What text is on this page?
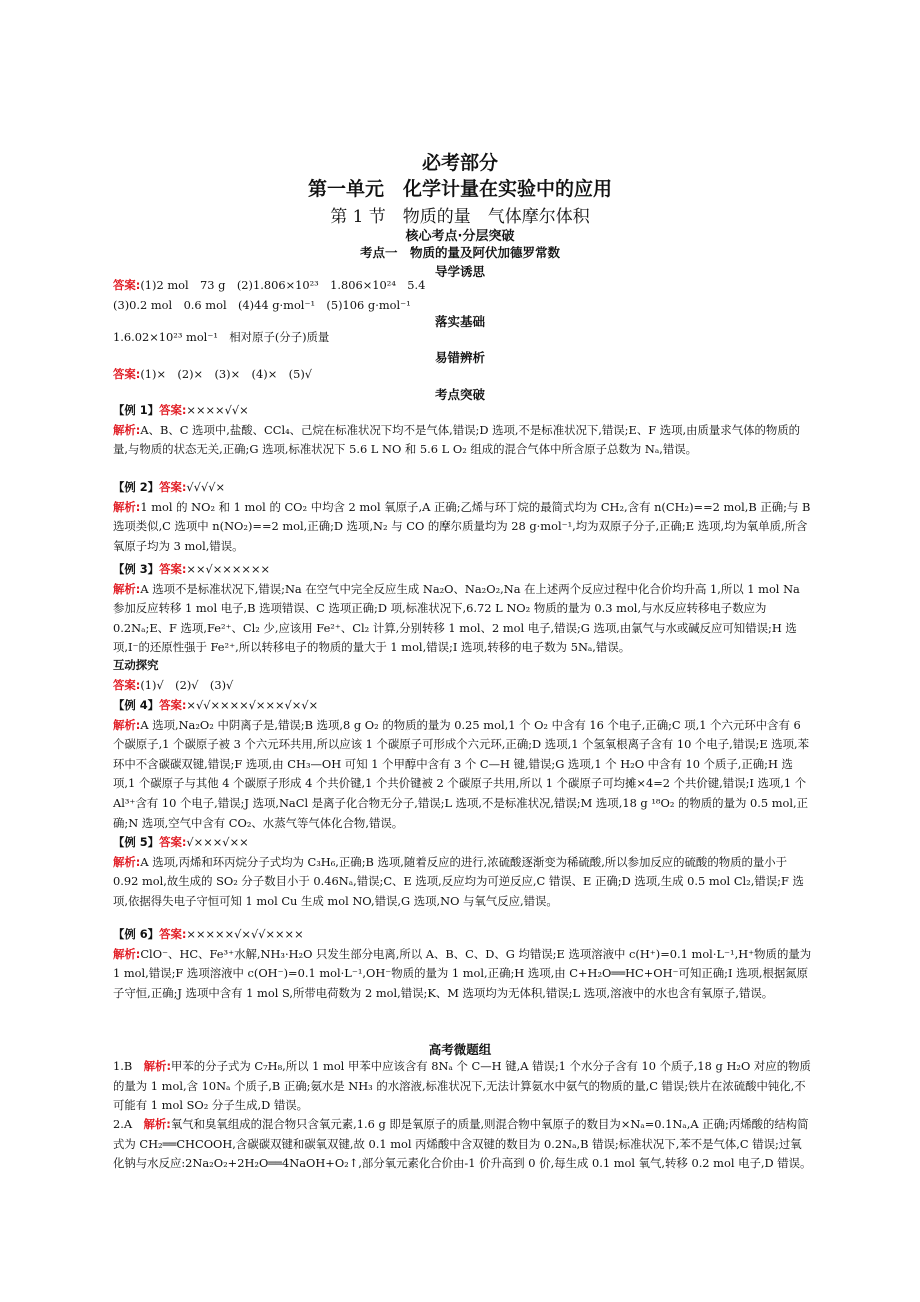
必考部分
第一单元　化学计量在实验中的应用
第 1 节　物质的量　气体摩尔体积
核心考点·分层突破
考点一　物质的量及阿伏加德罗常数
导学诱思
答案:(1)2 mol　73 g　(2)1.806×10²³　1.806×10²⁴　5.4
(3)0.2 mol　0.6 mol　(4)44 g·mol⁻¹　(5)106 g·mol⁻¹
落实基础
1.6.02×10²³ mol⁻¹　相对原子(分子)质量
易错辨析
答案:(1)×　(2)×　(3)×　(4)×　(5)√
考点突破
【例 1】答案:××××√√×
解析:A、B、C 选项中,盐酸、CCl₄、己烷在标准状况下均不是气体,错误;D 选项,不是标准状况下,错误;E、F 选项,由质量求气体的物质的量,与物质的状态无关,正确;G 选项,标准状况下 5.6 L NO 和 5.6 L O₂ 组成的混合气体中所含原子总数为 Nₐ,错误。
【例 2】答案:√√√√×
解析:1 mol 的 NO₂ 和 1 mol 的 CO₂ 中均含 2 mol 氧原子,A 正确;乙烯与环丁烷的最简式均为 CH₂,含有 n(CH₂)==2 mol,B 正确;与 B 选项类似,C 选项中 n(NO₂)==2 mol,正确;D 选项,N₂ 与 CO 的摩尔质量均为 28 g·mol⁻¹,均为双原子分子,正确;E 选项,均为氧单质,所含氧原子均为 3 mol,错误。
【例 3】答案:××√××××××
解析:A 选项不是标准状况下,错误;Na 在空气中完全反应生成 Na₂O、Na₂O₂,Na 在上述两个反应过程中化合价均升高 1,所以 1 mol Na 参加反应转移 1 mol 电子,B 选项错误、C 选项正确;D 项,标准状况下,6.72 L NO₂ 物质的量为 0.3 mol,与水反应转移电子数应为 0.2Nₐ;E、F 选项,Fe²⁺、Cl₂ 少,应该用 Fe²⁺、Cl₂ 计算,分别转移 1 mol、2 mol 电子,错误;G 选项,由氯气与水或碱反应可知错误;H 选项,I⁻的还原性强于 Fe²⁺,所以转移电子的物质的量大于 1 mol,错误;I 选项,转移的电子数为 5Nₐ,错误。
互动探究
答案:(1)√　(2)√　(3)√
【例 4】答案:×√√××××√×××√×√×
解析:A 选项,Na₂O₂ 中阴离子是,错误;B 选项,8 g O₂ 的物质的量为 0.25 mol,1 个 O₂ 中含有 16 个电子,正确;C 项,1 个六元环中含有 6 个碳原子,1 个碳原子被 3 个六元环共用,所以应该 1 个碳原子可形成个六元环,正确;D 选项,1 个氢氧根离子含有 10 个电子,错误;E 选项,苯环中不含碳碳双键,错误;F 选项,由 CH₃—OH 可知 1 个甲醇中含有 3 个 C—H 键,错误;G 选项,1 个 H₂O 中含有 10 个质子,正确;H 选项,1 个碳原子与其他 4 个碳原子形成 4 个共价键,1 个共价键被 2 个碳原子共用,所以 1 个碳原子可均摊×4=2 个共价键,错误;I 选项,1 个 Al³⁺含有 10 个电子,错误;J 选项,NaCl 是离子化合物无分子,错误;L 选项,不是标准状况,错误;M 选项,18 g ¹⁸O₂ 的物质的量为 0.5 mol,正确;N 选项,空气中含有 CO₂、水蒸气等气体化合物,错误。
【例 5】答案:√×××√××
解析:A 选项,丙烯和环丙烷分子式均为 C₃H₆,正确;B 选项,随着反应的进行,浓硫酸逐渐变为稀硫酸,所以参加反应的硫酸的物质的量小于 0.92 mol,故生成的 SO₂ 分子数目小于 0.46Nₐ,错误;C、E 选项,反应均为可逆反应,C 错误、E 正确;D 选项,生成 0.5 mol Cl₂,错误;F 选项,依据得失电子守恒可知 1 mol Cu 生成 mol NO,错误,G 选项,NO 与氧气反应,错误。
【例 6】答案:×××××√×√√××××
解析:ClO⁻、HC、Fe³⁺水解,NH₃·H₂O 只发生部分电离,所以 A、B、C、D、G 均错误;E 选项溶液中 c(H⁺)=0.1 mol·L⁻¹,H⁺物质的量为 1 mol,错误;F 选项溶液中 c(OH⁻)=0.1 mol·L⁻¹,OH⁻物质的量为 1 mol,正确;H 选项,由 C+H₂O══HC+OH⁻可知正确;I 选项,根据氮原子守恒,正确;J 选项中含有 1 mol S,所带电荷数为 2 mol,错误;K、M 选项均为无体积,错误;L 选项,溶液中的水也含有氧原子,错误。
高考微题组
1.B　 解析:甲苯的分子式为 C₇H₈,所以 1 mol 甲苯中应该含有 8Nₐ 个 C—H 键,A 错误;1 个水分子含有 10 个质子,18 g H₂O 对应的物质的量为 1 mol,含 10Nₐ 个质子,B 正确;氨水是 NH₃ 的水溶液,标准状况下,无法计算氨水中氨气的物质的量,C 错误;铁片在浓硫酸中钝化,不可能有 1 mol SO₂ 分子生成,D 错误。
2.A　 解析:氧气和臭氧组成的混合物只含氧元素,1.6 g 即是氧原子的质量,则混合物中氧原子的数目为×Nₐ=0.1Nₐ,A 正确;丙烯酸的结构简式为 CH₂══CHCOOH,含碳碳双键和碳氧双键,故 0.1 mol 丙烯酸中含双键的数目为 0.2Nₐ,B 错误;标准状况下,苯不是气体,C 错误;过氧化钠与水反应:2Na₂O₂+2H₂O══4NaOH+O₂↑,部分氧元素化合价由-1 价升高到 0 价,每生成 0.1 mol 氧气,转移 0.2 mol 电子,D 错误。
